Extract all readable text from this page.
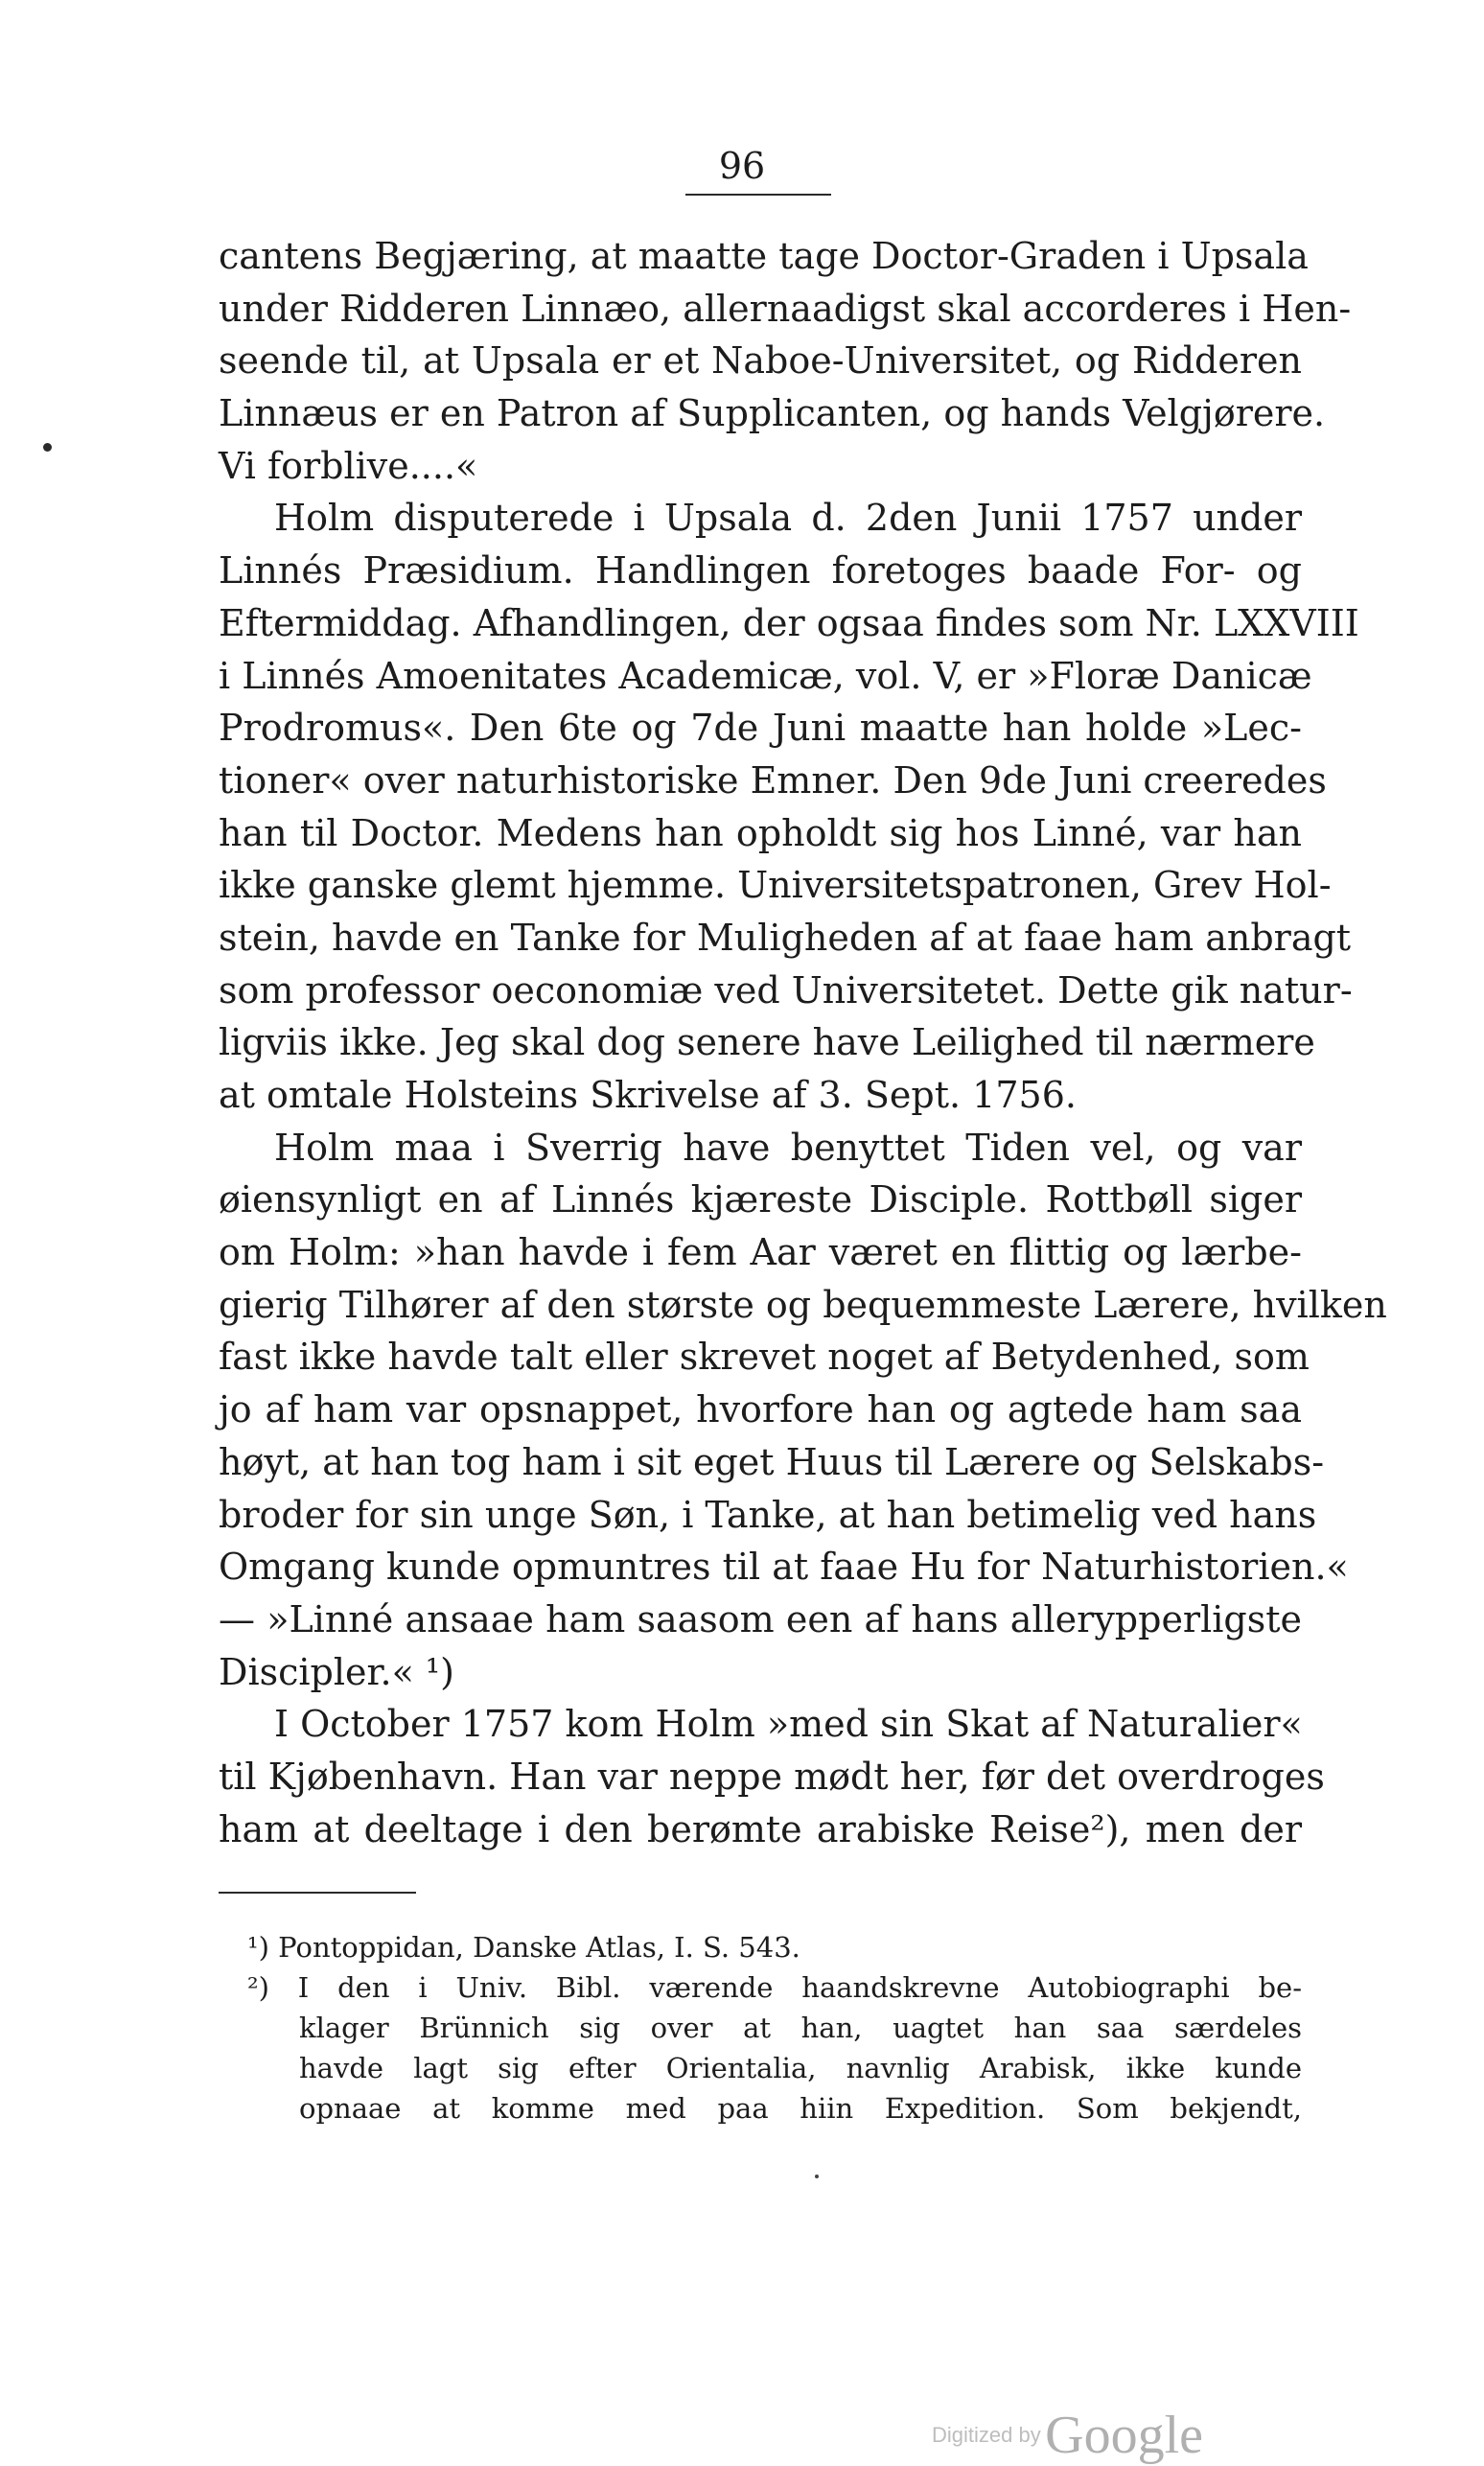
96
cantens Begjæring, at maatte tage Doctor-Graden i Upsala
under Ridderen Linnæo, allernaadigst skal accorderes i Hen-
seende til, at Upsala er et Naboe-Universitet, og Ridderen
Linnæus er en Patron af Supplicanten, og hands Velgjørere.
Vi forblive....«
Holm disputerede i Upsala d. 2den Junii 1757 under
Linnés Præsidium. Handlingen foretoges baade For- og
Eftermiddag. Afhandlingen, der ogsaa findes som Nr. LXXVIII
i Linnés Amoenitates Academicæ, vol. V, er »Floræ Danicæ
Prodromus«. Den 6te og 7de Juni maatte han holde »Lec-
tioner« over naturhistoriske Emner. Den 9de Juni creeredes
han til Doctor. Medens han opholdt sig hos Linné, var han
ikke ganske glemt hjemme. Universitetspatronen, Grev Hol-
stein, havde en Tanke for Muligheden af at faae ham anbragt
som professor oeconomiæ ved Universitetet. Dette gik natur-
ligviis ikke. Jeg skal dog senere have Leilighed til nærmere
at omtale Holsteins Skrivelse af 3. Sept. 1756.
Holm maa i Sverrig have benyttet Tiden vel, og var
øiensynligt en af Linnés kjæreste Disciple. Rottbøll siger
om Holm: »han havde i fem Aar været en flittig og lærbe-
gierig Tilhører af den største og bequemmeste Lærere, hvilken
fast ikke havde talt eller skrevet noget af Betydenhed, som
jo af ham var opsnappet, hvorfore han og agtede ham saa
høyt, at han tog ham i sit eget Huus til Lærere og Selskabs-
broder for sin unge Søn, i Tanke, at han betimelig ved hans
Omgang kunde opmuntres til at faae Hu for Naturhistorien.«
— »Linné ansaae ham saasom een af hans allerypperligste
Discipler.« ¹)
I October 1757 kom Holm »med sin Skat af Naturalier«
til Kjøbenhavn. Han var neppe mødt her, før det overdroges
ham at deeltage i den berømte arabiske Reise²), men der
¹) Pontoppidan, Danske Atlas, I. S. 543.
²) I den i Univ. Bibl. værende haandskrevne Autobiographi be-
klager Brünnich sig over at han, uagtet han saa særdeles
havde lagt sig efter Orientalia, navnlig Arabisk, ikke kunde
opnaae at komme med paa hiin Expedition. Som bekjendt,
Digitized by Google
